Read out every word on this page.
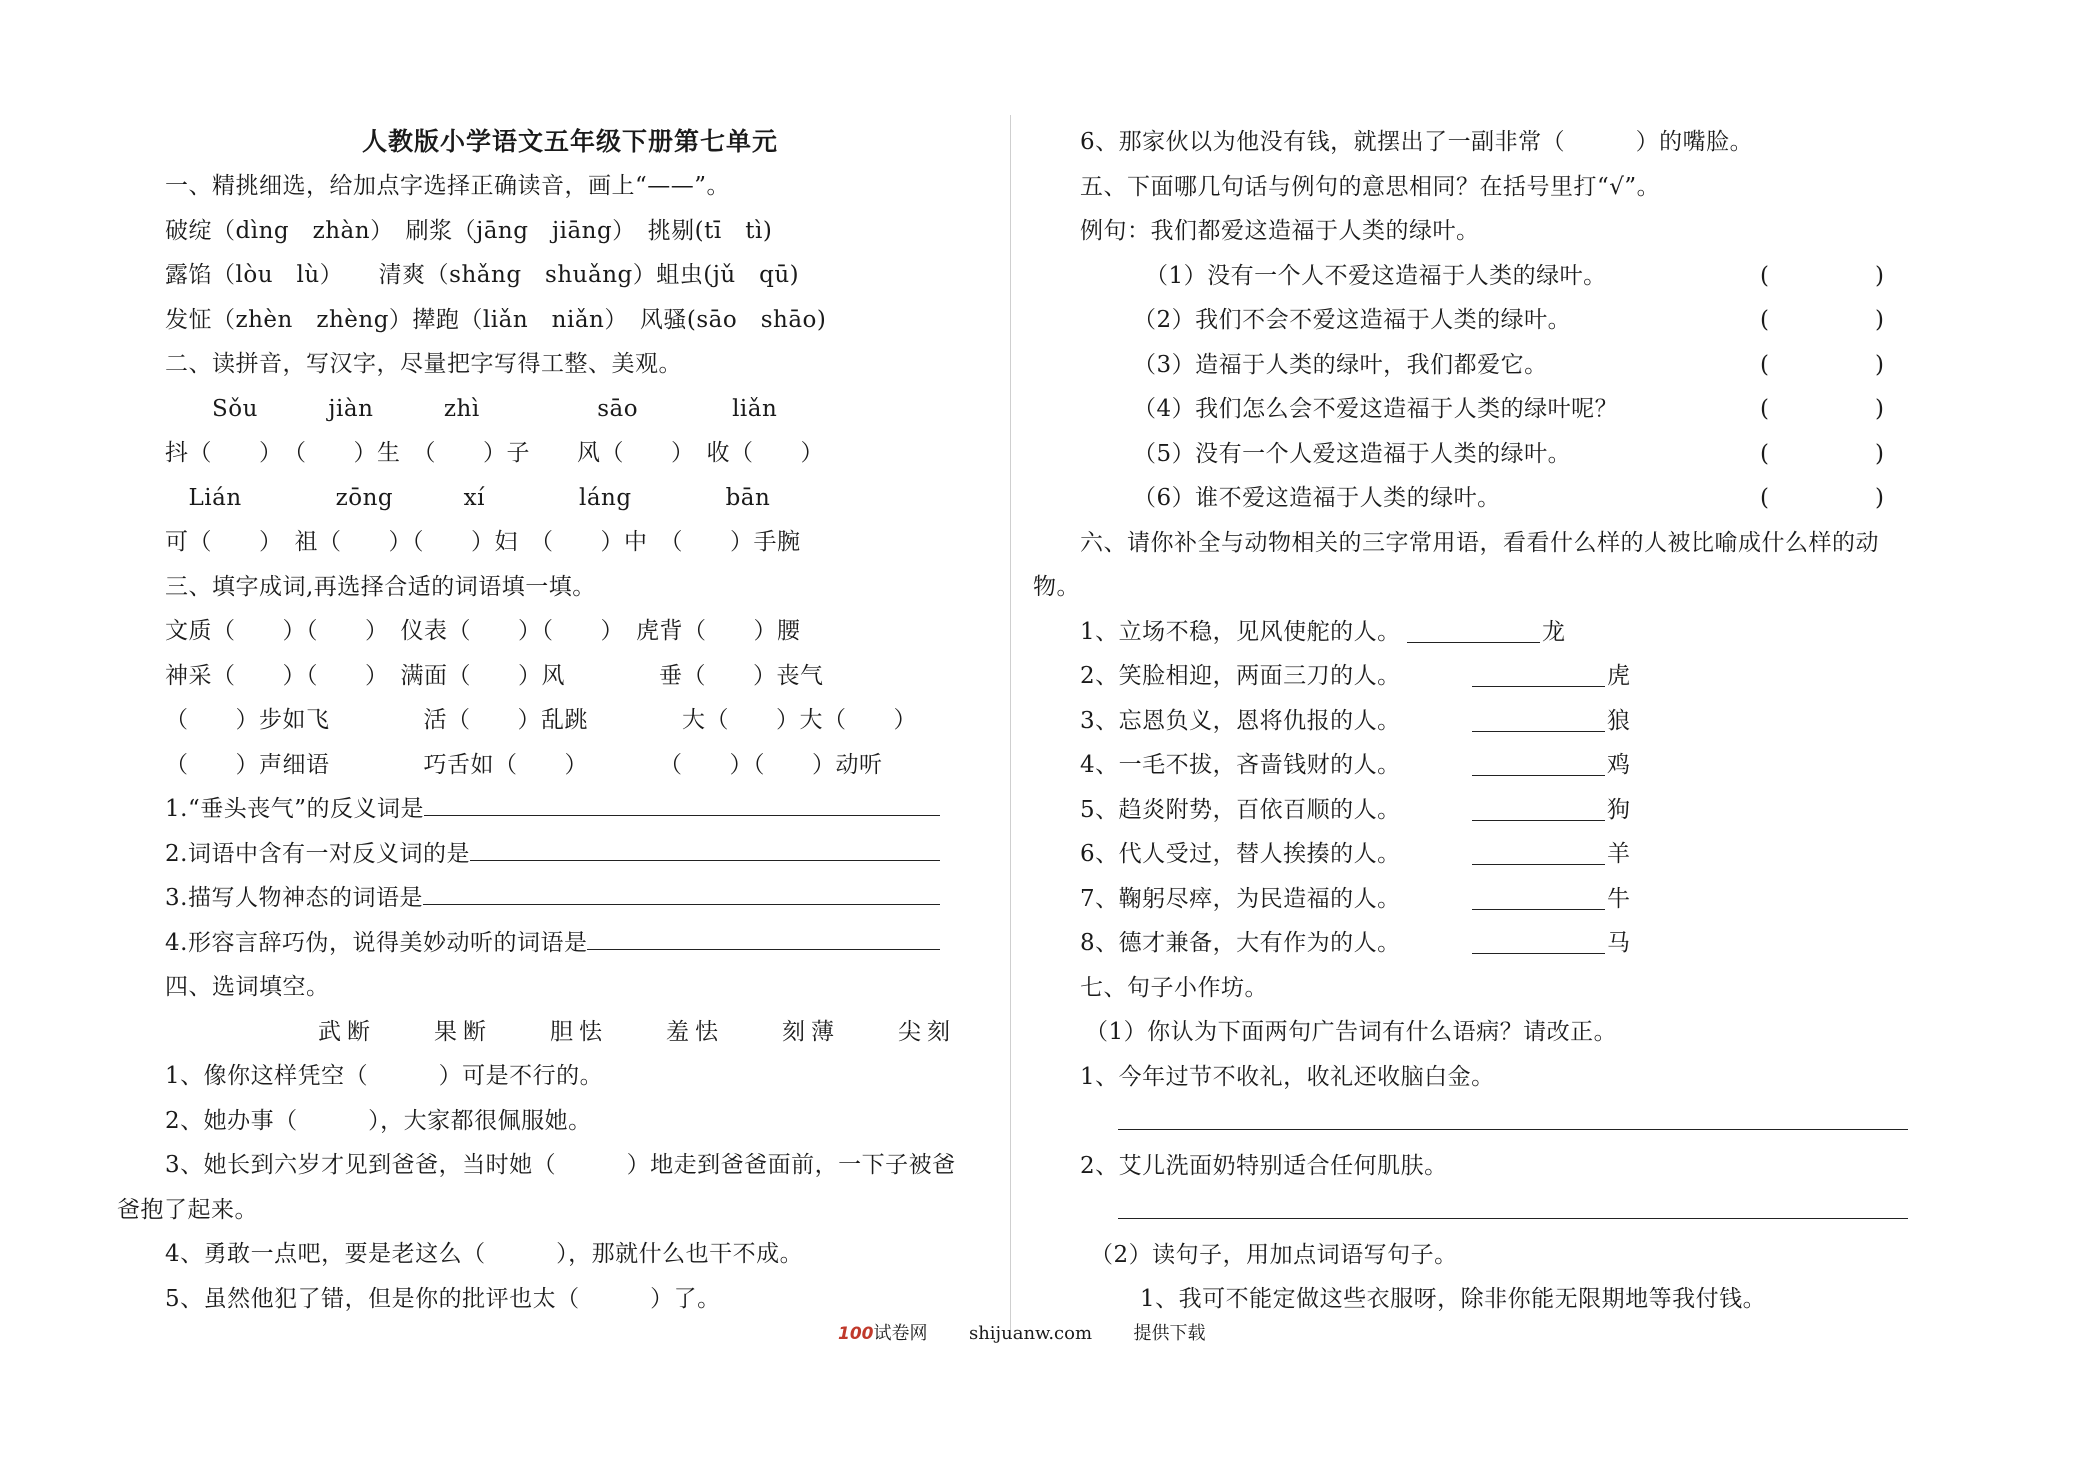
人教版小学语文五年级下册第七单元
一、精挑细选，给加点字选择正确读音，画上“——”。
破绽（dìng　zhàn）　刷浆（jāng　jiāng）　挑剔(tī　tì)
露馅（lòu　lù）　　清爽（shǎng　shuǎng）蛆虫(jǔ　qū)
发怔（zhèn　zhèng）撵跑（liǎn　niǎn）　风骚(sāo　shāo)
二、读拼音，写汉字，尽量把字写得工整、美观。
　　Sǒu　　　jiàn　　　zhì　　　　　sāo　　　　liǎn
抖（　　）　（　　）生　（　　）子　　风（　　）　收（　　）
　Lián　　　　zōng　　　xí　　　　láng　　　　bān
可（　　）　祖（　　）（　　）妇　（　　）中　（　　）手腕
三、填字成词,再选择合适的词语填一填。
文质（　　）（　　）　仪表（　　）（　　）　虎背（　　）腰
神采（　　）（　　）　满面（　　）风　　　　垂（　　）丧气
（　　）步如飞　　　　活（　　）乱跳　　　　大（　　）大（　　）
（　　）声细语　　　　巧舌如（　　）　　　　（　　）（　　）动听
1.“垂头丧气”的反义词是
2.词语中含有一对反义词的是
3.描写人物神态的词语是
4.形容言辞巧伪，说得美妙动听的词语是
四、选词填空。
　　武断　　果断　　胆怯　　羞怯　　刻薄　　尖刻
1、像你这样凭空（　　　）可是不行的。
2、她办事（　　　），大家都很佩服她。
3、她长到六岁才见到爸爸，当时她（　　　）地走到爸爸面前，一下子被爸
爸抱了起来。
4、勇敢一点吧，要是老这么（　　　），那就什么也干不成。
5、虽然他犯了错，但是你的批评也太（　　　）了。
6、那家伙以为他没有钱，就摆出了一副非常（　　　）的嘴脸。
五、下面哪几句话与例句的意思相同？在括号里打“√”。
例句：我们都爱这造福于人类的绿叶。
（1）没有一个人不爱这造福于人类的绿叶。	(  )
（2）我们不会不爱这造福于人类的绿叶。	(  )
（3）造福于人类的绿叶，我们都爱它。	(  )
（4）我们怎么会不爱这造福于人类的绿叶呢？	(  )
（5）没有一个人爱这造福于人类的绿叶。	(  )
（6）谁不爱这造福于人类的绿叶。	(  )
六、请你补全与动物相关的三字常用语，看看什么样的人被比喻成什么样的动
物。
1、立场不稳，见风使舵的人。	龙
2、笑脸相迎，两面三刀的人。	虎
3、忘恩负义，恩将仇报的人。	狼
4、一毛不拔，吝啬钱财的人。	鸡
5、趋炎附势，百依百顺的人。	狗
6、代人受过，替人挨揍的人。	羊
7、鞠躬尽瘁，为民造福的人。	牛
8、德才兼备，大有作为的人。	马
七、句子小作坊。
（1）你认为下面两句广告词有什么语病？请改正。
1、今年过节不收礼，收礼还收脑白金。
2、艾儿洗面奶特别适合任何肌肤。
（2）读句子，用加点词语写句子。
1、我可不能定做这些衣服呀，除非你能无限期地等我付钱。
100试卷网 shijuanw.com 提供下载
